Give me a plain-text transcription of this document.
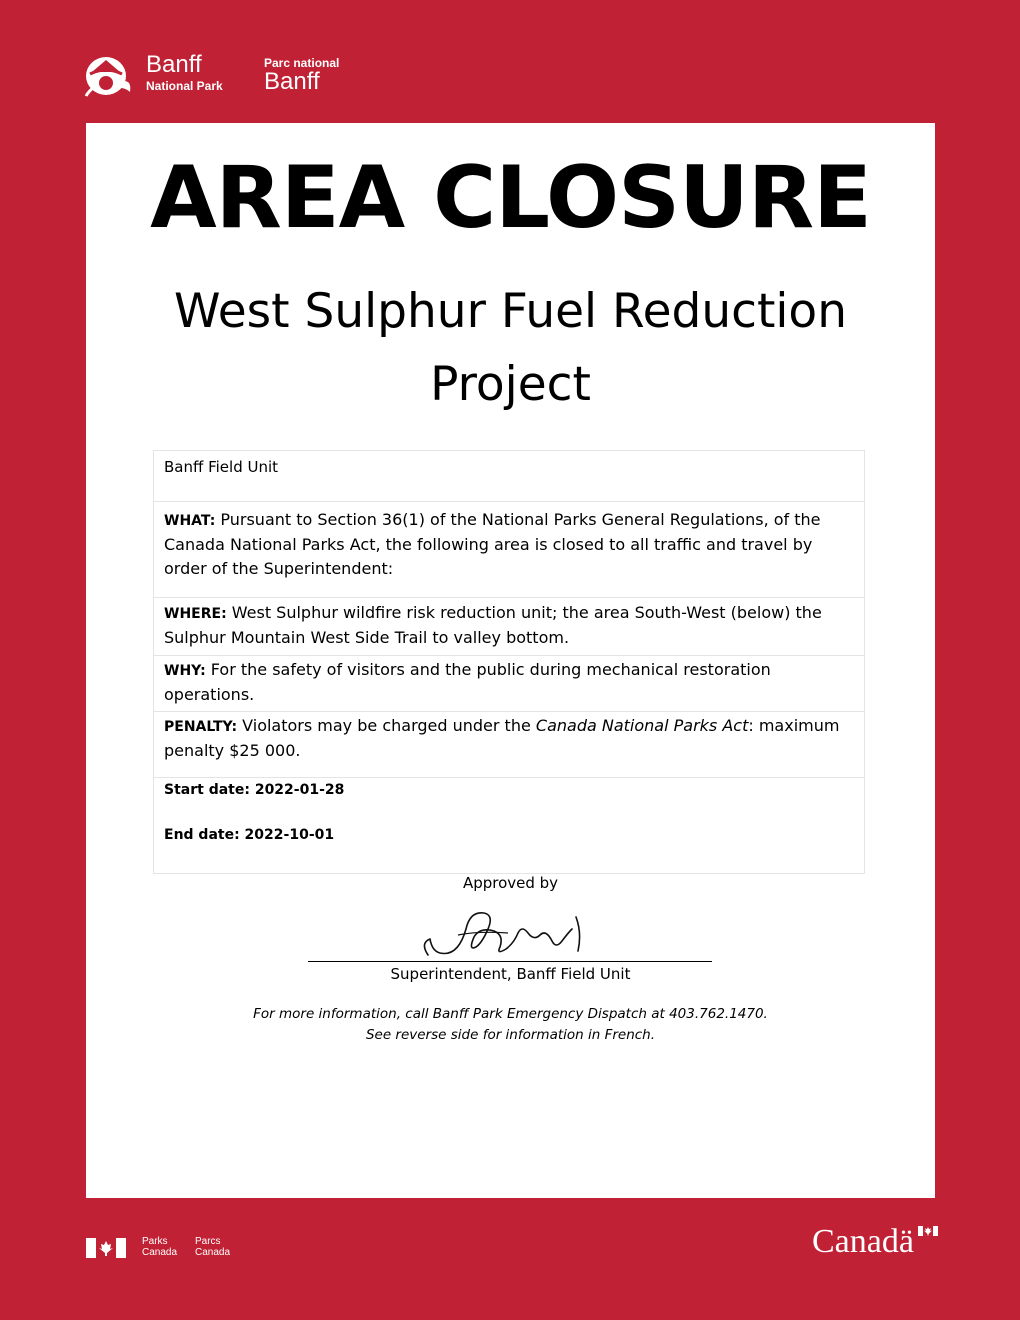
Banff
National Park
Parc national
Banff
AREA CLOSURE
West Sulphur Fuel Reduction Project
Banff Field Unit
WHAT: Pursuant to Section 36(1) of the National Parks General Regulations, of the Canada National Parks Act, the following area is closed to all traffic and travel by order of the Superintendent:
WHERE: West Sulphur wildfire risk reduction unit; the area South-West (below) the Sulphur Mountain West Side Trail to valley bottom.
WHY: For the safety of visitors and the public during mechanical restoration operations.
PENALTY: Violators may be charged under the Canada National Parks Act: maximum penalty $25 000.
Start date: 2022-01-28
End date: 2022-10-01
Approved by
Superintendent, Banff Field Unit
For more information, call Banff Park Emergency Dispatch at 403.762.1470.
See reverse side for information in French.
Parks
Canada
Parcs
Canada	Canadä
